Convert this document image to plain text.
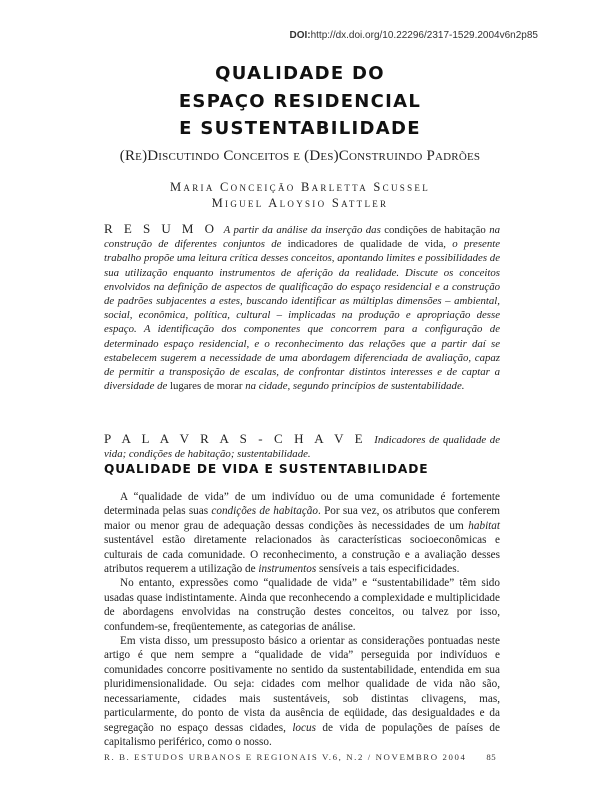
DOI:http://dx.doi.org/10.22296/2317-1529.2004v6n2p85
QUALIDADE DO
ESPAÇO RESIDENCIAL
E SUSTENTABILIDADE
(Re)Discutindo Conceitos e (Des)Construindo Padrões
Maria Conceição Barletta Scussel
Miguel Aloysio Sattler
R E S U M O A partir da análise da inserção das condições de habitação na construção de diferentes conjuntos de indicadores de qualidade de vida, o presente trabalho propõe uma leitura crítica desses conceitos, apontando limites e possibilidades de sua utilização enquanto instrumentos de aferição da realidade. Discute os conceitos envolvidos na definição de aspectos de qualificação do espaço residencial e a construção de padrões subjacentes a estes, buscando identificar as múltiplas dimensões – ambiental, social, econômica, política, cultural – implicadas na produção e apropriação desse espaço. A identificação dos componentes que concorrem para a configuração de determinado espaço residencial, e o reconhecimento das relações que a partir daí se estabelecem sugerem a necessidade de uma abordagem diferenciada de avaliação, capaz de permitir a transposição de escalas, de confrontar distintos interesses e de captar a diversidade de lugares de morar na cidade, segundo princípios de sustentabilidade.
P A L A V R A S - C H A V E Indicadores de qualidade de vida; condições de habitação; sustentabilidade.
QUALIDADE DE VIDA E SUSTENTABILIDADE

A “qualidade de vida” de um indivíduo ou de uma comunidade é fortemente determinada pelas suas condições de habitação. Por sua vez, os atributos que conferem maior ou menor grau de adequação dessas condições às necessidades de um habitat sustentável estão diretamente relacionados às características socioeconômicas e culturais de cada comunidade. O reconhecimento, a construção e a avaliação desses atributos requerem a utilização de instrumentos sensíveis a tais especificidades.

No entanto, expressões como “qualidade de vida” e “sustentabilidade” têm sido usadas quase indistintamente. Ainda que reconhecendo a complexidade e multiplicidade de abordagens envolvidas na construção destes conceitos, ou talvez por isso, confundem-se, freqüentemente, as categorias de análise.

Em vista disso, um pressuposto básico a orientar as considerações pontuadas neste artigo é que nem sempre a “qualidade de vida” perseguida por indivíduos e comunidades concorre positivamente no sentido da sustentabilidade, entendida em sua pluridimensionalidade. Ou seja: cidades com melhor qualidade de vida não são, necessariamente, cidades mais sustentáveis, sob distintas clivagens, mas, particularmente, do ponto de vista da ausência de eqüidade, das desigualdades e da segregação no espaço dessas cidades, locus de vida de populações de países de capitalismo periférico, como o nosso.

R. B. ESTUDOS URBANOS E REGIONAIS V.6, N.2 / NOVEMBRO 2004 85
